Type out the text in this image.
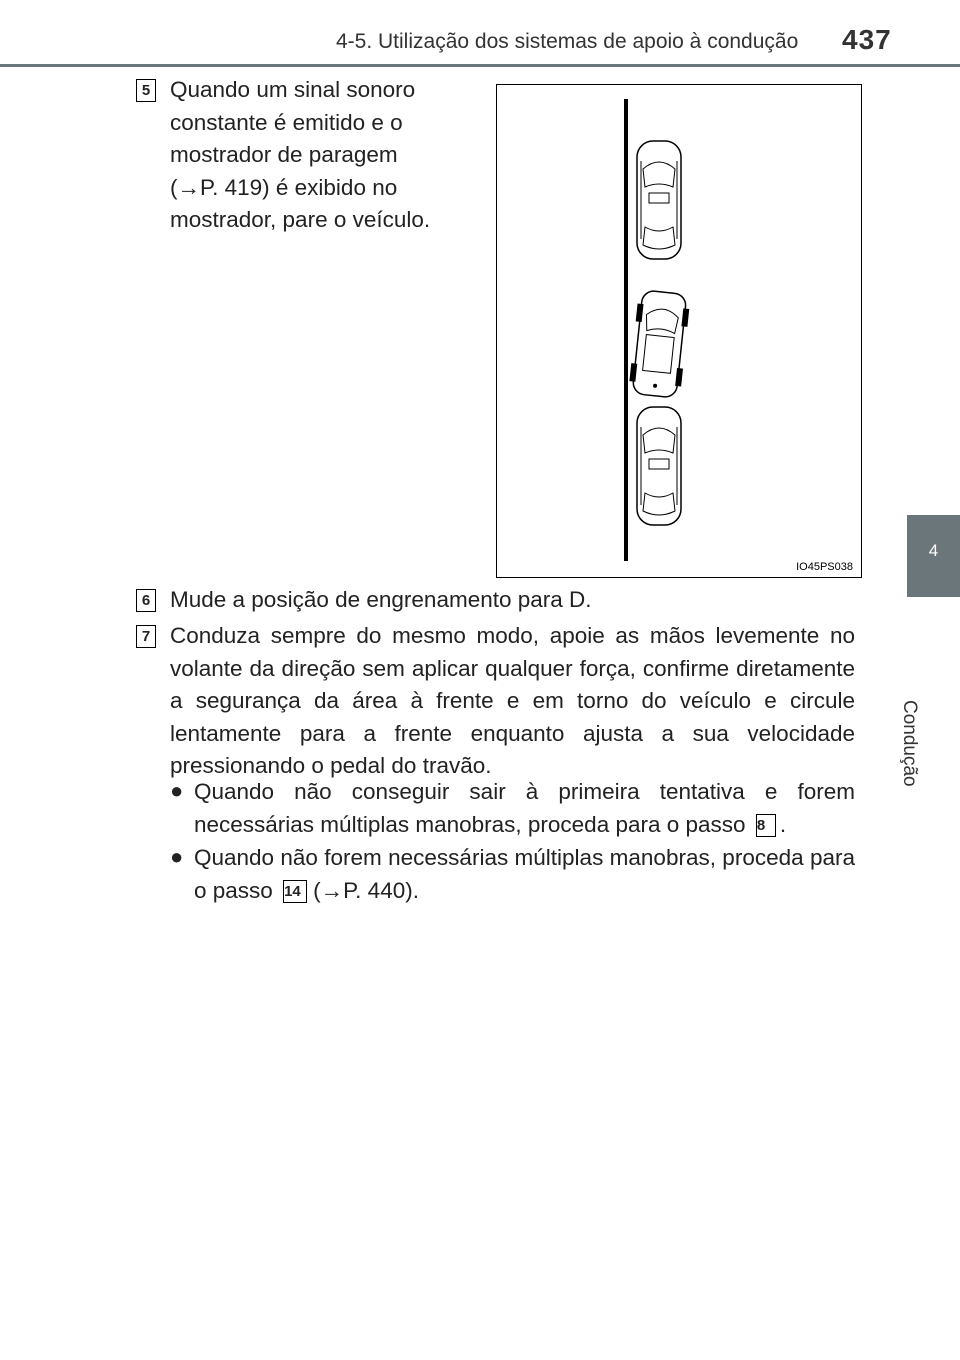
4-5. Utilização dos sistemas de apoio à condução 437
4
Condução
5 Quando um sinal sonoro
constante é emitido e o
mostrador de paragem
(→P. 419) é exibido no
mostrador, pare o veículo.
IO45PS038
6 Mude a posição de engrenamento para D.
7 Conduza sempre do mesmo modo, apoie as mãos levemente no volante da direção sem aplicar qualquer força, confirme diretamente a segurança da área à frente e em torno do veículo e circule lentamente para a frente enquanto ajusta a sua velocidade pressionando o pedal do travão.
● Quando não conseguir sair à primeira tentativa e forem necessárias múltiplas manobras, proceda para o passo 8 .
● Quando não forem necessárias múltiplas manobras, proceda para o passo 14 (→P. 440).
